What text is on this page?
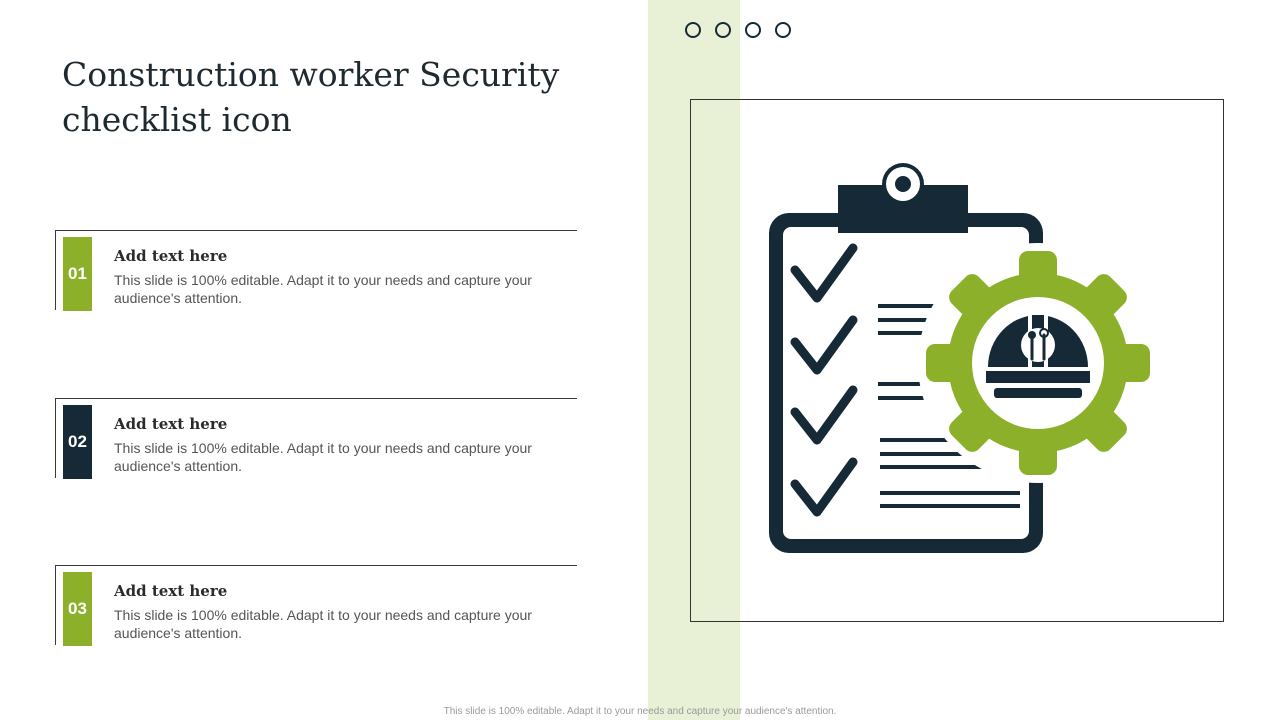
Construction worker Security checklist icon
01
Add text here
This slide is 100% editable. Adapt it to your needs and capture your audience's attention.
02
Add text here
This slide is 100% editable. Adapt it to your needs and capture your audience's attention.
03
Add text here
This slide is 100% editable. Adapt it to your needs and capture your audience's attention.
This slide is 100% editable. Adapt it to your needs and capture your audience's attention.
